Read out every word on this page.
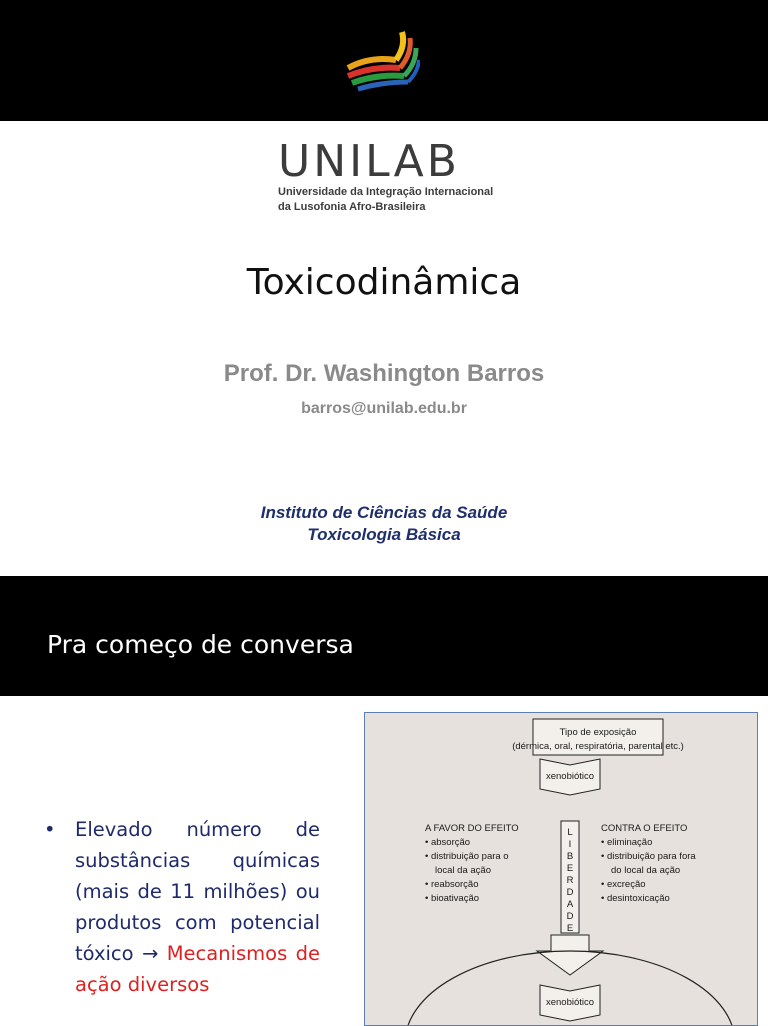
UNILAB
Universidade da Integração Internacional
da Lusofonia Afro-Brasileira
Toxicodinâmica
Prof. Dr. Washington Barros
barros@unilab.edu.br
Instituto de Ciências da Saúde
Toxicologia Básica
Pra começo de conversa
• Elevado número de substâncias químicas (mais de 11 milhões) ou produtos com potencial tóxico → Mecanismos de ação diversos
Tipo de exposição
(dérmica, oral, respiratória, parental etc.)
xenobiótico
L
I
B
E
R
D
A
D
E
A FAVOR DO EFEITO
• absorção
• distribuição para o
local da ação
• reabsorção
• bioativação
CONTRA O EFEITO
• eliminação
• distribuição para fora
do local da ação
• excreção
• desintoxicação
xenobiótico
